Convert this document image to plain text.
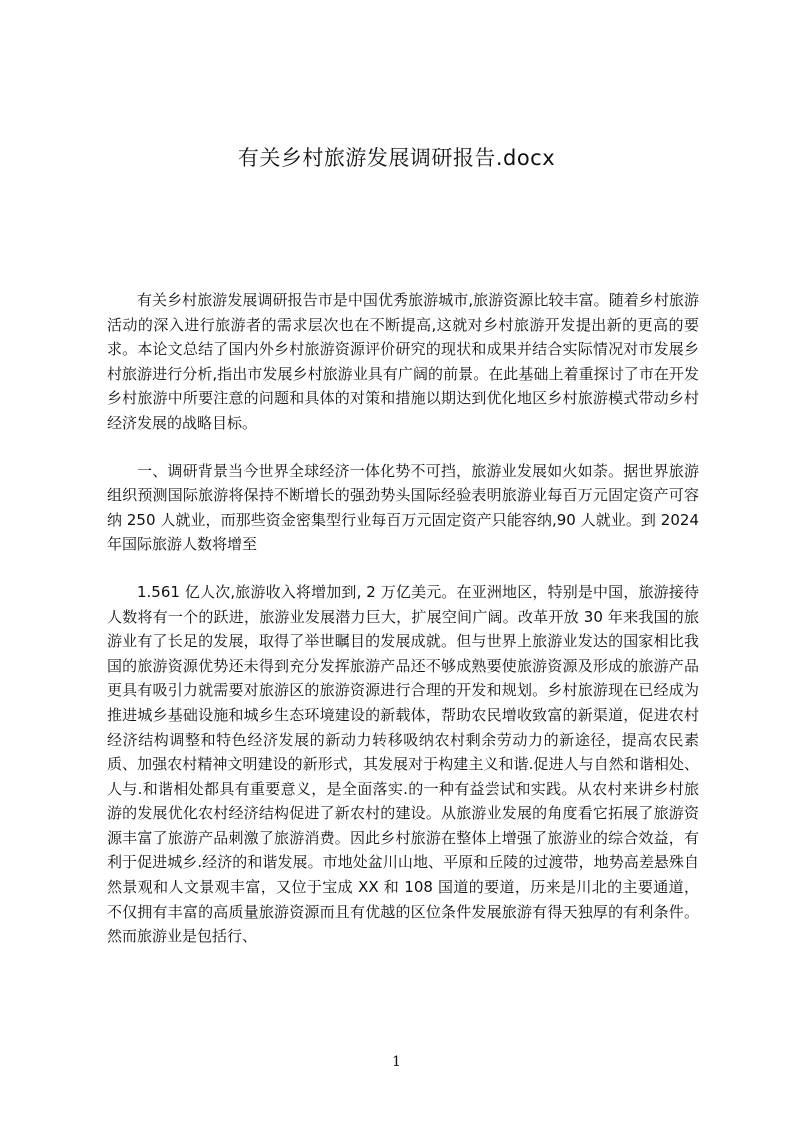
有关乡村旅游发展调研报告.docx

有关乡村旅游发展调研报告市是中国优秀旅游城市,旅游资源比较丰富。随着乡村旅游活动的深入进行旅游者的需求层次也在不断提高,这就对乡村旅游开发提出新的更高的要求。本论文总结了国内外乡村旅游资源评价研究的现状和成果并结合实际情况对市发展乡村旅游进行分析,指出市发展乡村旅游业具有广阔的前景。在此基础上着重探讨了市在开发乡村旅游中所要注意的问题和具体的对策和措施以期达到优化地区乡村旅游模式带动乡村经济发展的战略目标。

一、调研背景当今世界全球经济一体化势不可挡，旅游业发展如火如荼。据世界旅游组织预测国际旅游将保持不断增长的强劲势头国际经验表明旅游业每百万元固定资产可容纳 250 人就业，而那些资金密集型行业每百万元固定资产只能容纳,90 人就业。到 2024 年国际旅游人数将增至

1.561 亿人次,旅游收入将增加到, 2 万亿美元。在亚洲地区，特别是中国，旅游接待人数将有一个的跃进，旅游业发展潜力巨大，扩展空间广阔。改革开放 30 年来我国的旅游业有了长足的发展，取得了举世瞩目的发展成就。但与世界上旅游业发达的国家相比我国的旅游资源优势还未得到充分发挥旅游产品还不够成熟要使旅游资源及形成的旅游产品更具有吸引力就需要对旅游区的旅游资源进行合理的开发和规划。乡村旅游现在已经成为推进城乡基础设施和城乡生态环境建设的新载体，帮助农民增收致富的新渠道，促进农村经济结构调整和特色经济发展的新动力转移吸纳农村剩余劳动力的新途径，提高农民素质、加强农村精神文明建设的新形式，其发展对于构建主义和谐.促进人与自然和谐相处、人与.和谐相处都具有重要意义，是全面落实.的一种有益尝试和实践。从农村来讲乡村旅游的发展优化农村经济结构促进了新农村的建设。从旅游业发展的角度看它拓展了旅游资源丰富了旅游产品刺激了旅游消费。因此乡村旅游在整体上增强了旅游业的综合效益，有利于促进城乡.经济的和谐发展。市地处盆川山地、平原和丘陵的过渡带，地势高差悬殊自然景观和人文景观丰富，又位于宝成 XX 和 108 国道的要道，历来是川北的主要通道，不仅拥有丰富的高质量旅游资源而且有优越的区位条件发展旅游有得天独厚的有利条件。然而旅游业是包括行、

1
